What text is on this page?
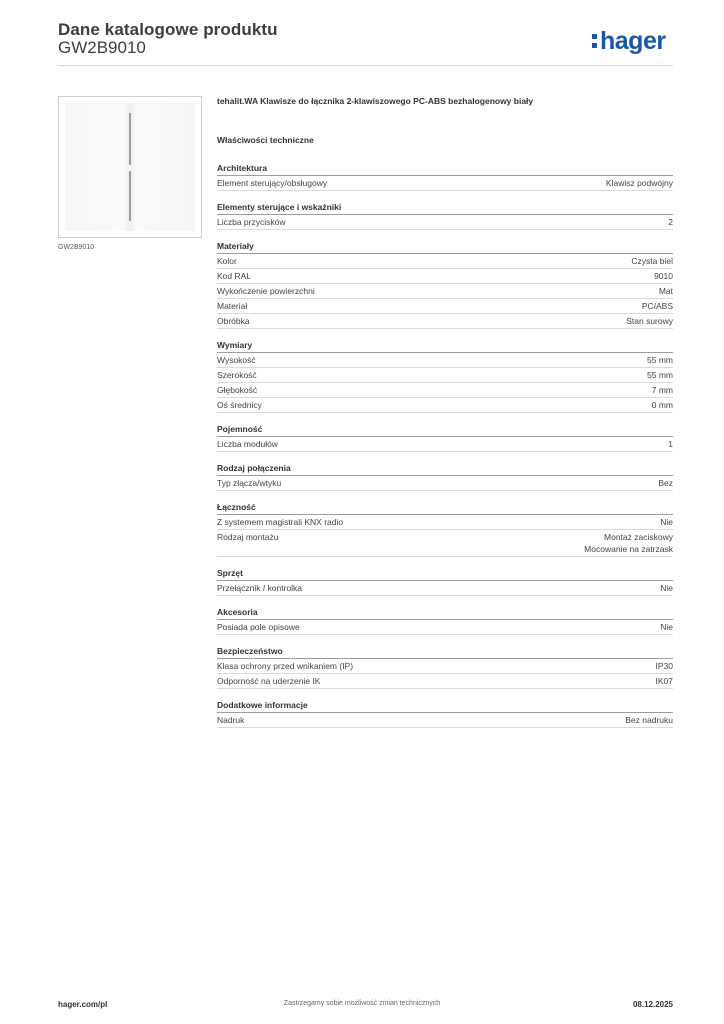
Dane katalogowe produktu
GW2B9010	hager
GW2B9010

tehalit.WA Klawisze do łącznika 2-klawiszowego PC-ABS bezhalogenowy biały

Właściwości techniczne

Architektura
Element sterujący/obsługowy	Klawisz podwójny
Elementy sterujące i wskaźniki
Liczba przycisków	2
Materiały
Kolor	Czysta biel
Kod RAL	9010
Wykończenie powierzchni	Mat
Materiał	PC/ABS
Obróbka	Stan surowy
Wymiary
Wysokość	55 mm
Szerokość	55 mm
Głębokość	7 mm
Oś średnicy	0 mm
Pojemność
Liczba modułów	1
Rodzaj połączenia
Typ złącza/wtyku	Bez
Łączność
Z systemem magistrali KNX radio	Nie
Rodzaj montażu	Montaż zaciskowy
Mocowanie na zatrzask
Sprzęt
Przełącznik / kontrolka	Nie
Akcesoria
Posiada pole opisowe	Nie
Bezpieczeństwo
Klasa ochrony przed wnikaniem (IP)	IP30
Odporność na uderzenie IK	IK07
Dodatkowe informacje
Nadruk	Bez nadruku
hager.com/pl	Zastrzegamy sobie możliwość zmian technicznych	08.12.2025
